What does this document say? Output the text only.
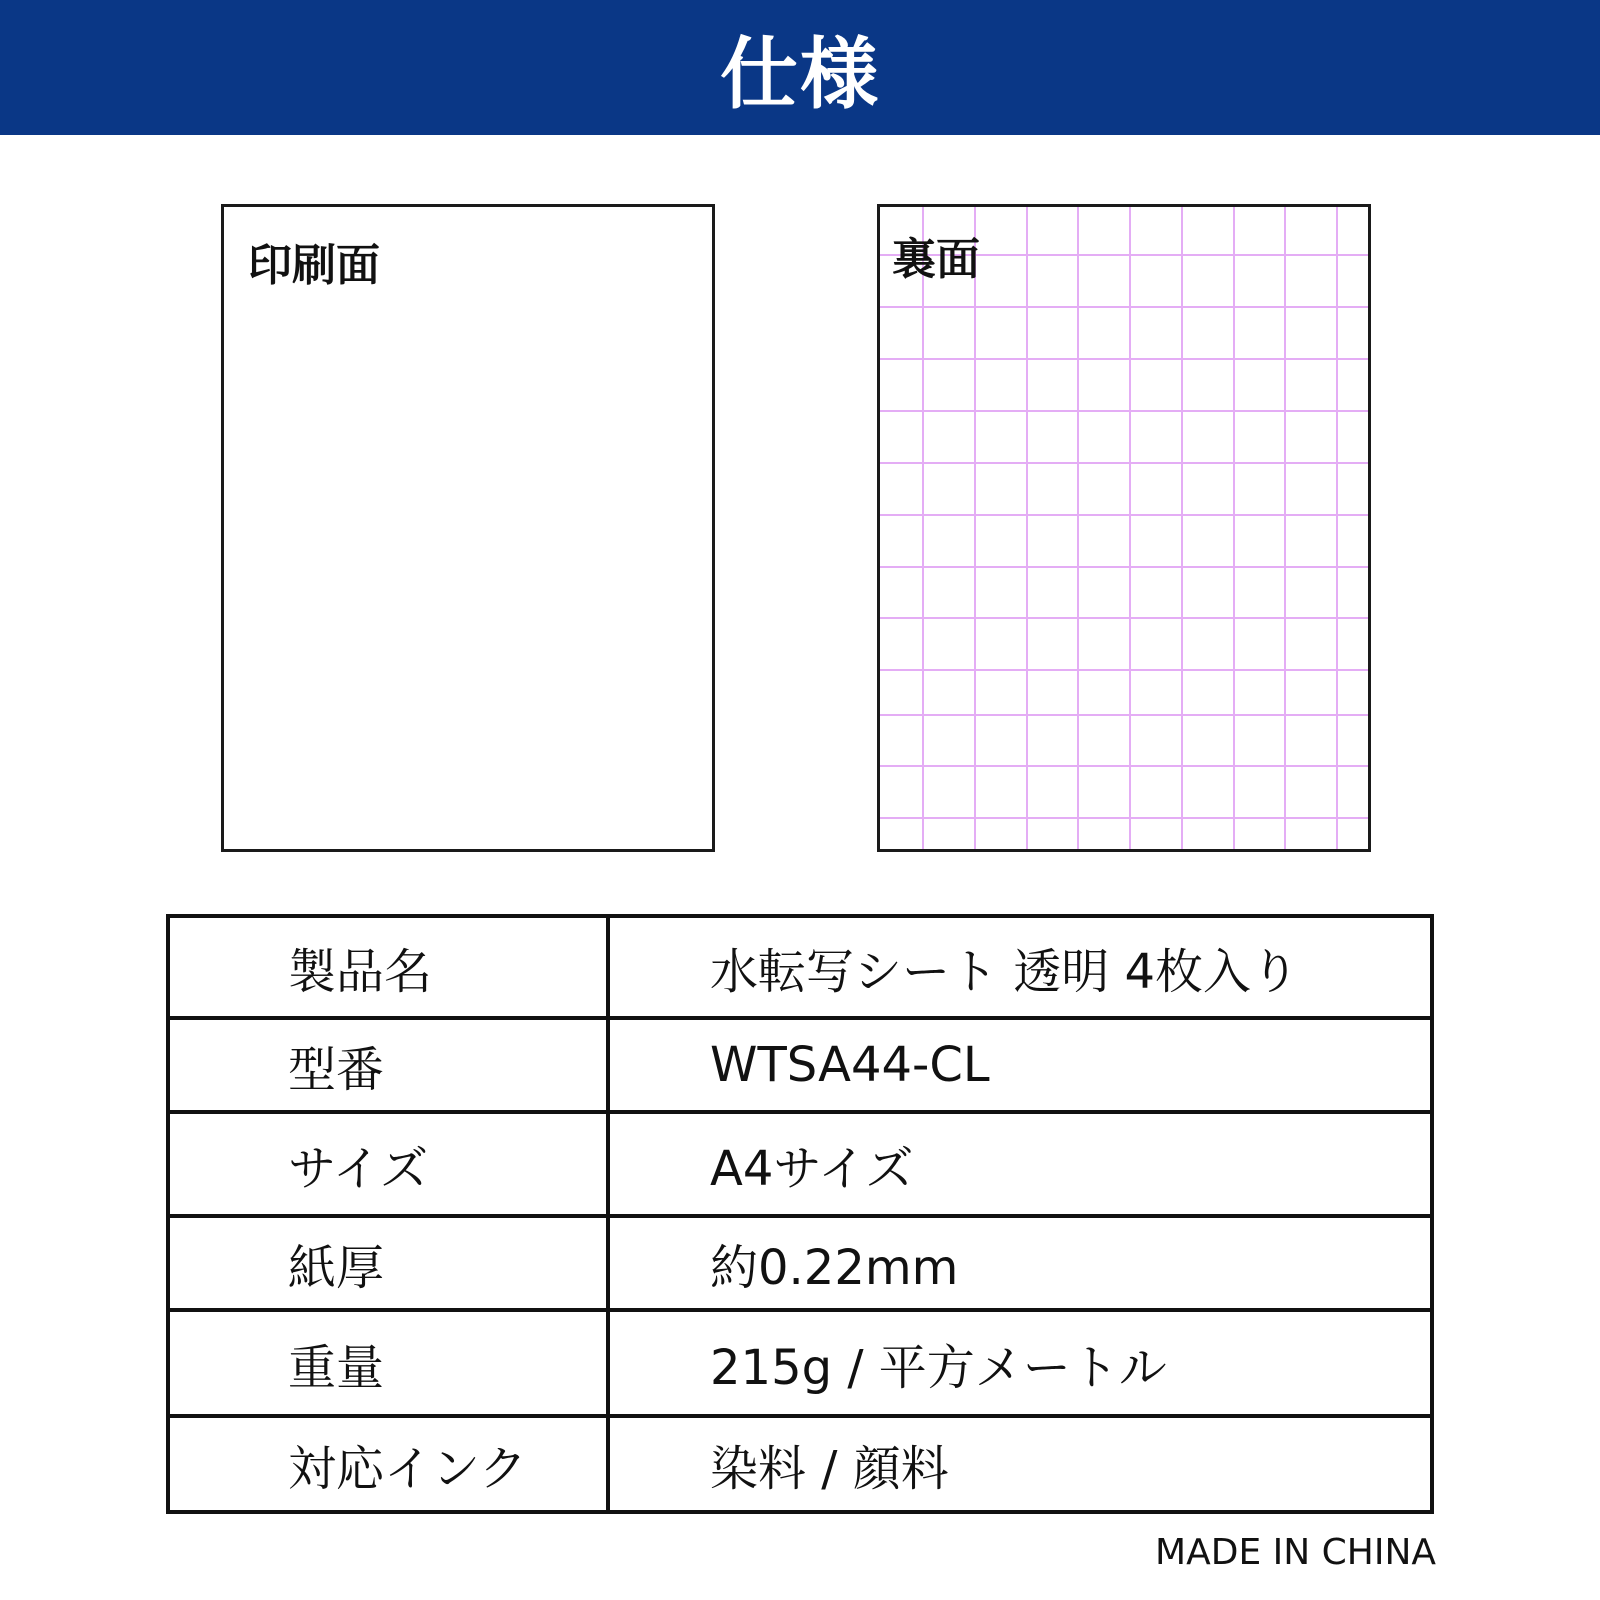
仕様
印刷面	裏面
製品名	水転写シート 透明 4枚入り
型番	WTSA44-CL
サイズ	A4サイズ
紙厚	約0.22mm
重量	215g / 平方メートル
対応インク	染料 / 顔料
MADE IN CHINA
